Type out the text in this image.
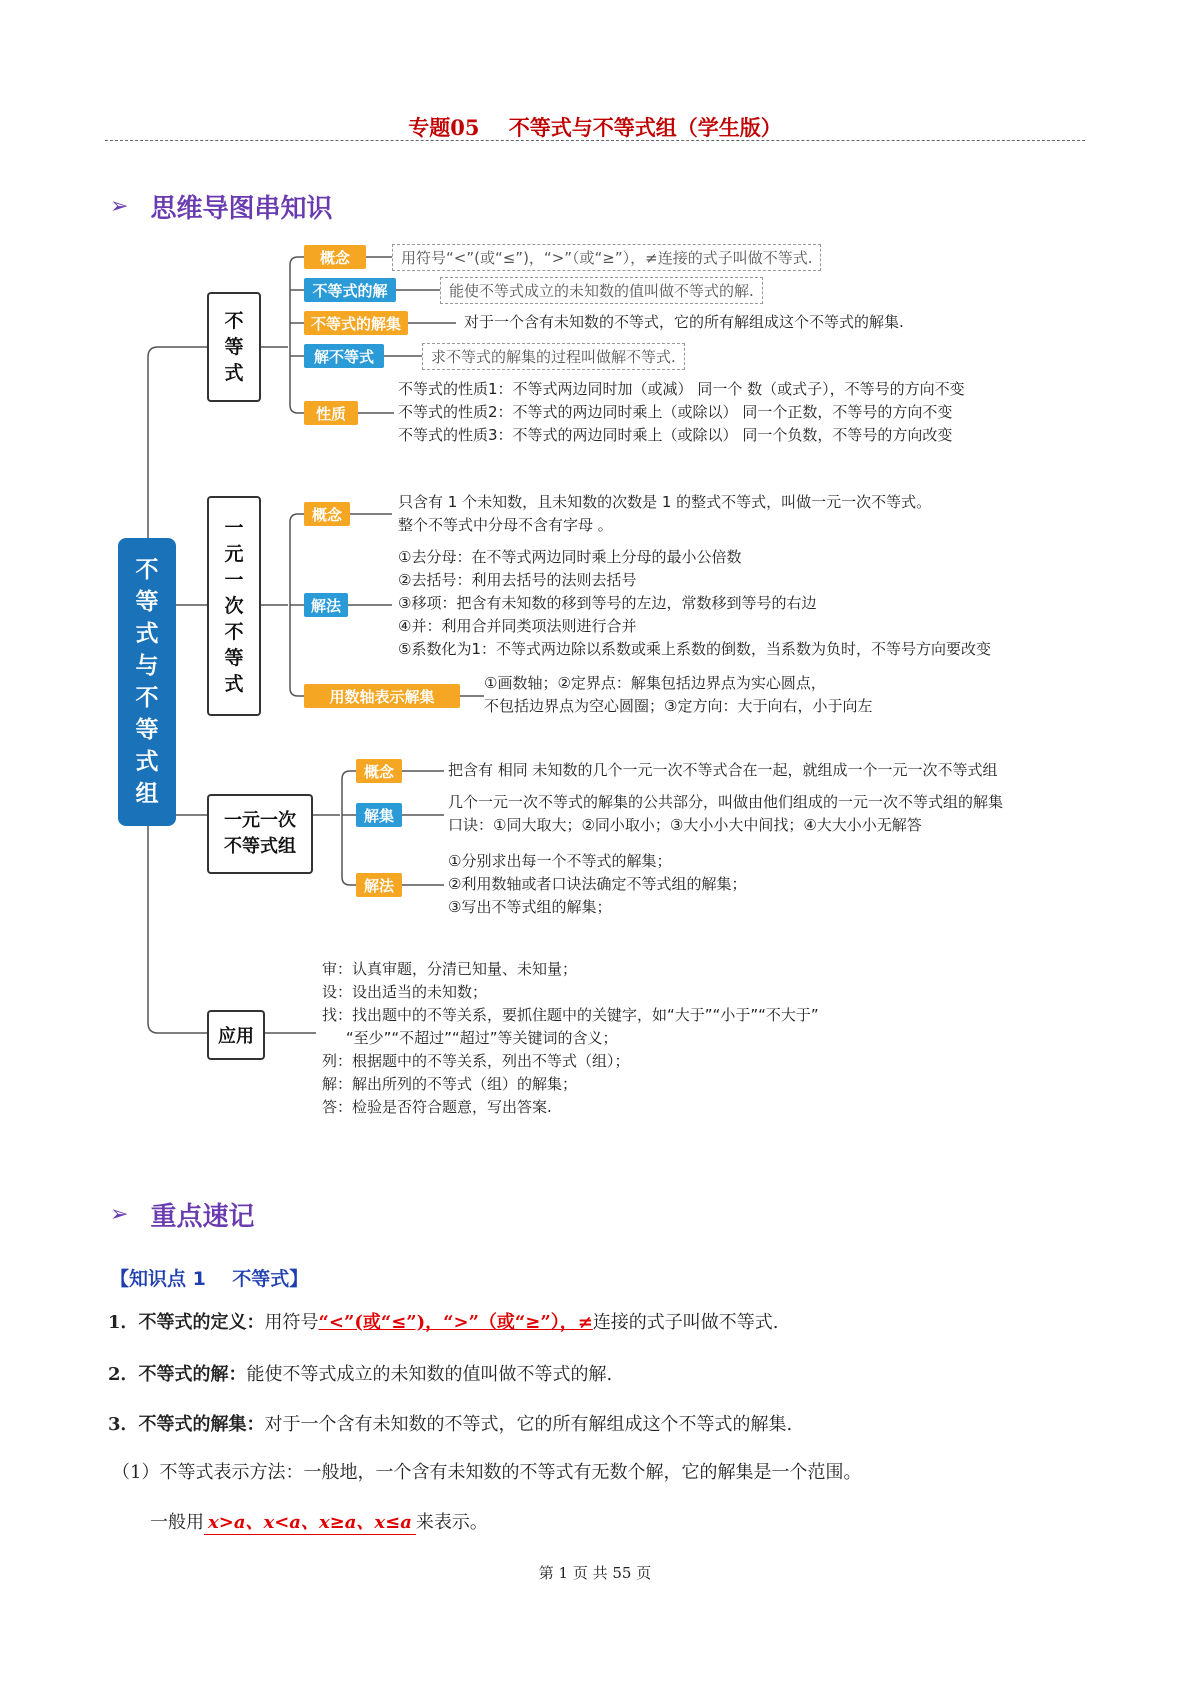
专题05    不等式与不等式组（学生版）
➢ 思维导图串知识
不
等
式
与
不
等
式
组
不
等
式
概念	用符号“<”(或“≤”)，“>”（或“≥”），≠连接的式子叫做不等式.
不等式的解	能使不等式成立的未知数的值叫做不等式的解.
不等式的解集	对于一个含有未知数的不等式，它的所有解组成这个不等式的解集.
解不等式	求不等式的解集的过程叫做解不等式.
性质
不等式的性质1：不等式两边同时加（或减） 同一个 数（或式子），不等号的方向不变
不等式的性质2：不等式的两边同时乘上（或除以） 同一个正数，不等号的方向不变
不等式的性质3：不等式的两边同时乘上（或除以） 同一个负数，不等号的方向改变
一
元
一
次
不
等
式
概念
只含有 1 个未知数，且未知数的次数是 1 的整式不等式，叫做一元一次不等式。
整个不等式中分母不含有字母 。
解法
①去分母：在不等式两边同时乘上分母的最小公倍数
②去括号：利用去括号的法则去括号
③移项：把含有未知数的移到等号的左边，常数移到等号的右边
④并：利用合并同类项法则进行合并
⑤系数化为1：不等式两边除以系数或乘上系数的倒数，当系数为负时，不等号方向要改变
用数轴表示解集
①画数轴；②定界点：解集包括边界点为实心圆点，
不包括边界点为空心圆圈；③定方向：大于向右，小于向左
一元一次
不等式组
概念	把含有 相同 未知数的几个一元一次不等式合在一起，就组成一个一元一次不等式组
解集
几个一元一次不等式的解集的公共部分，叫做由他们组成的一元一次不等式组的解集
口诀：①同大取大；②同小取小；③大小小大中间找；④大大小小无解答
解法
①分别求出每一个不等式的解集；
②利用数轴或者口诀法确定不等式组的解集；
③写出不等式组的解集；
应用
审：认真审题，分清已知量、未知量；
设：设出适当的未知数；
找：找出题中的不等关系，要抓住题中的关键字，如“大于”“小于”“不大于”
“至少”“不超过”“超过”等关键词的含义；
列：根据题中的不等关系，列出不等式（组）；
解：解出所列的不等式（组）的解集；
答：检验是否符合题意，写出答案.
➢ 重点速记
【知识点 1    不等式】
1．不等式的定义：用符号“<”(或“≤”)，“>”（或“≥”），≠连接的式子叫做不等式.
2．不等式的解：能使不等式成立的未知数的值叫做不等式的解.
3．不等式的解集：对于一个含有未知数的不等式，它的所有解组成这个不等式的解集.
（1）不等式表示方法：一般地，一个含有未知数的不等式有无数个解，它的解集是一个范围。
一般用 x>a、x<a、x≥a、x≤a 来表示。
第 1 页 共 55 页
